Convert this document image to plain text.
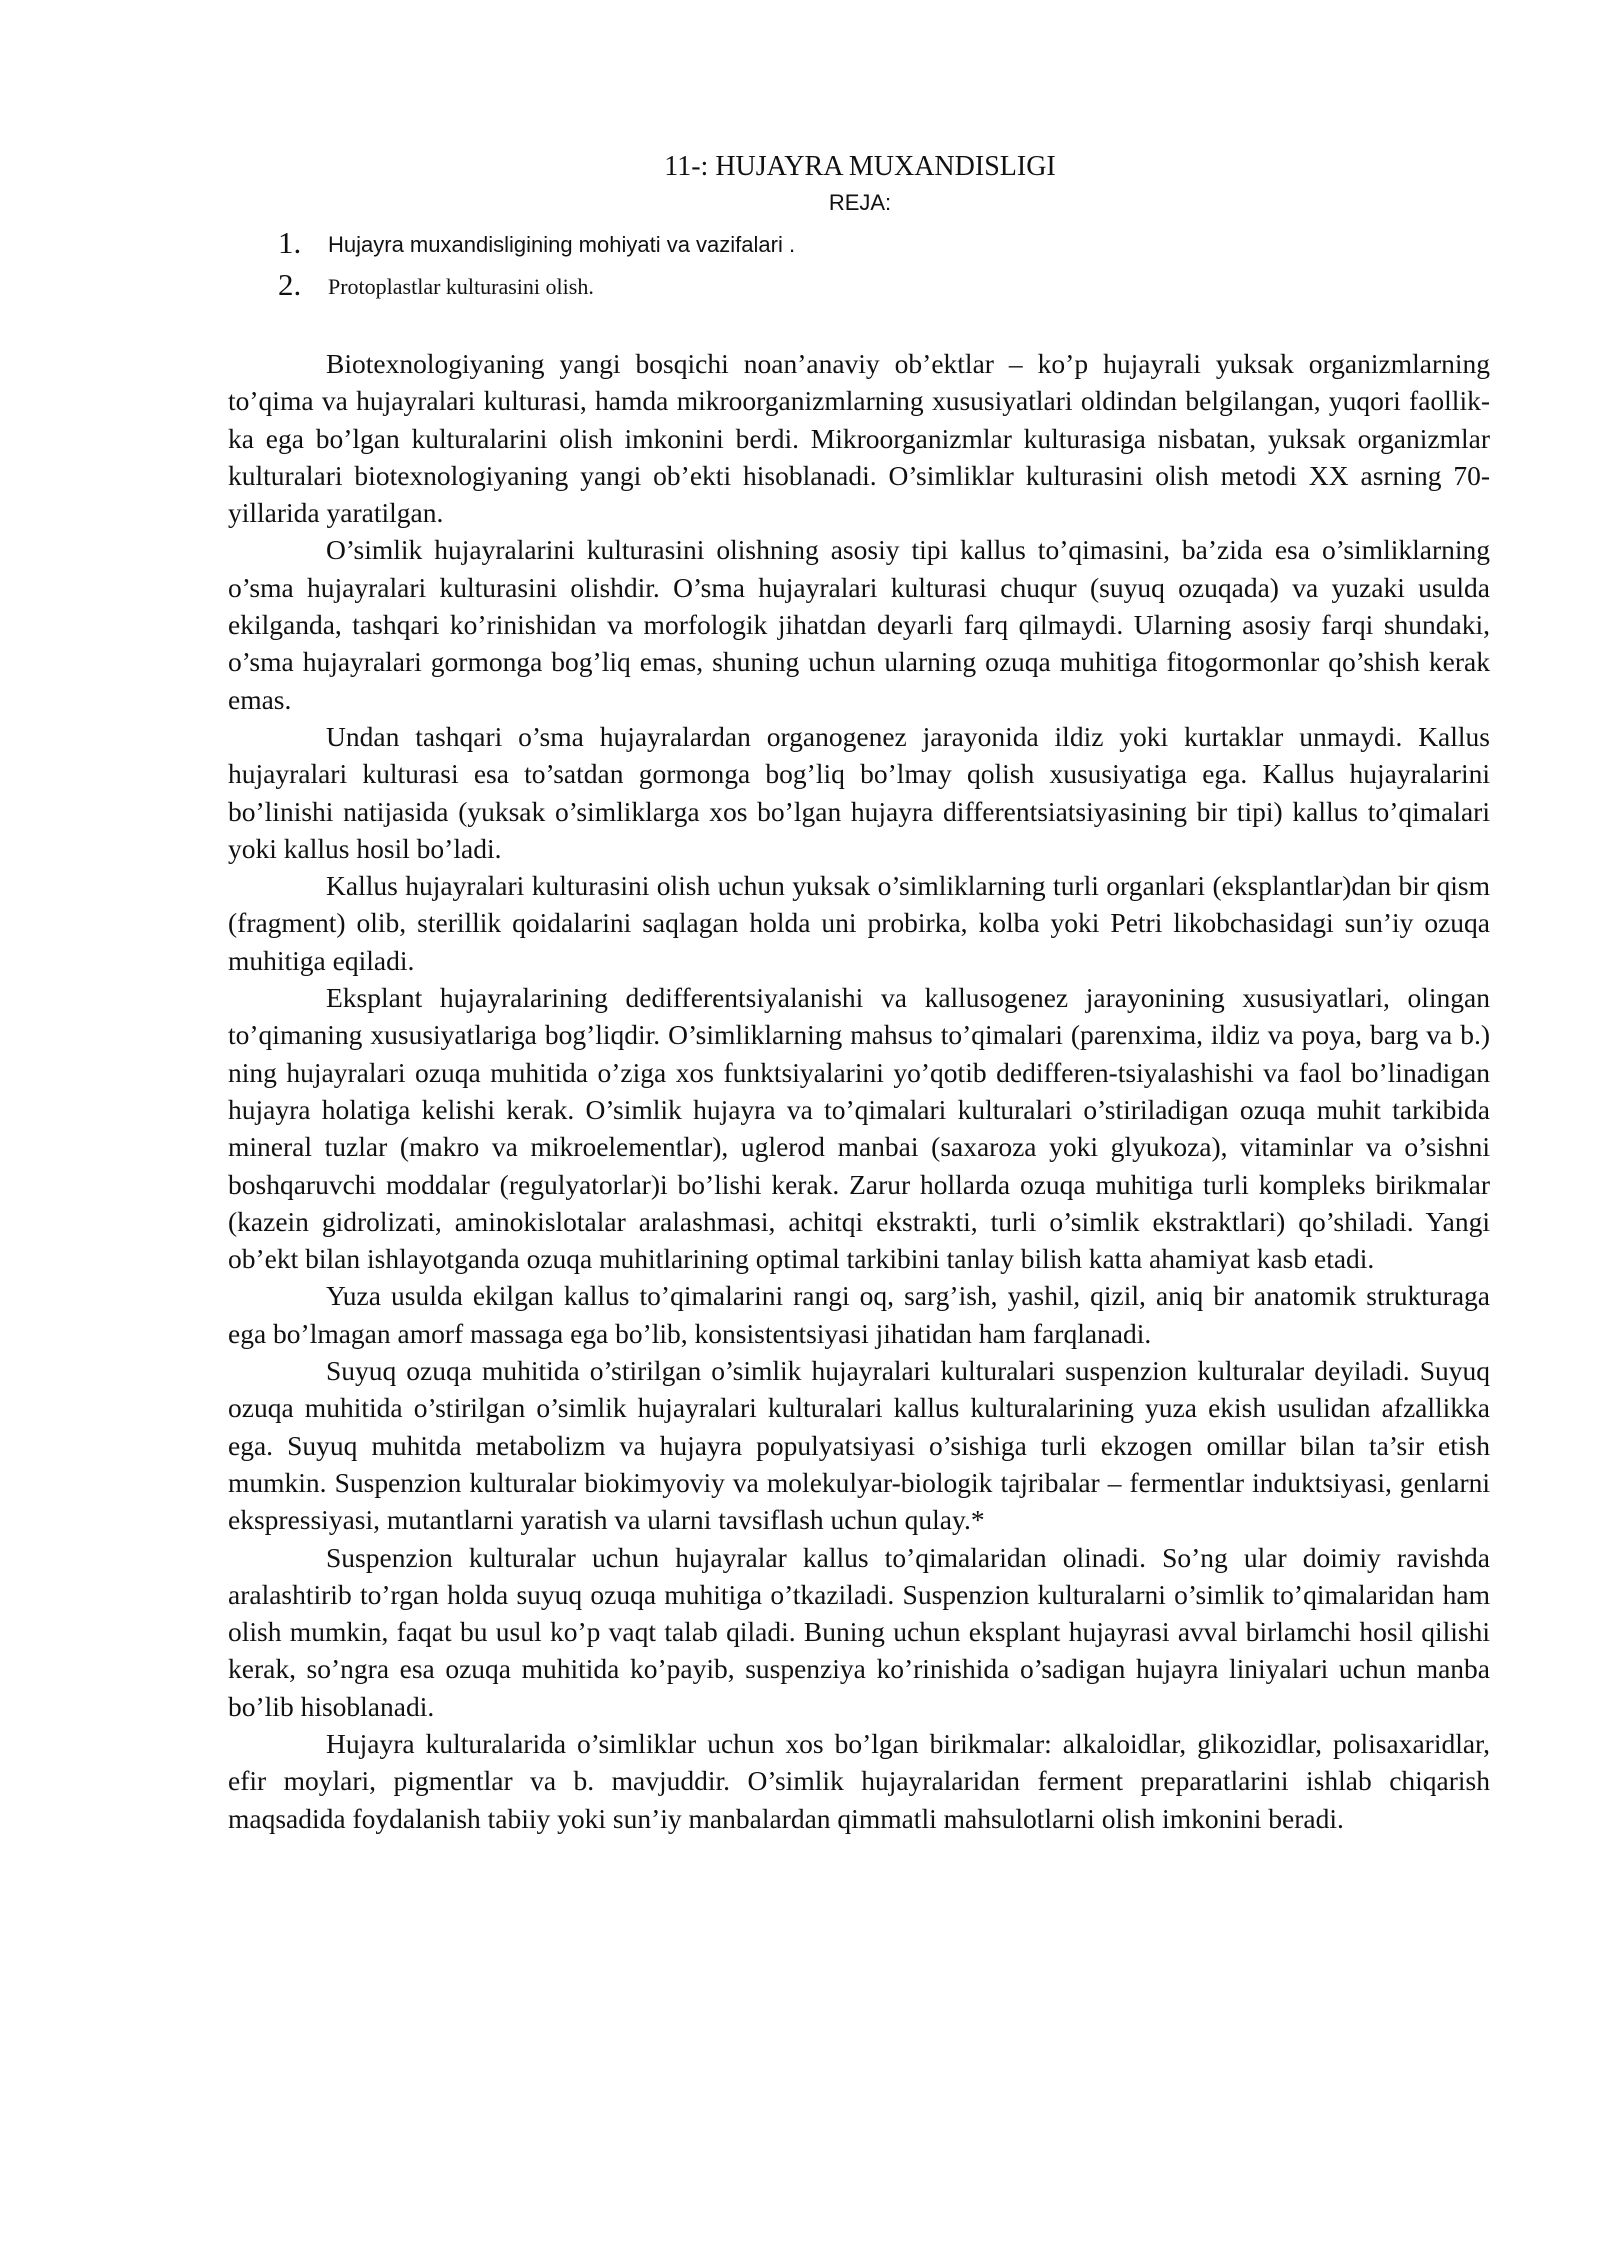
11-: HUJAYRA MUXANDISLIGI
REJA:
1. Hujayra muxandisligining mohiyati va vazifalari .
2. Protoplastlar kulturasini olish.

Biotexnologiyaning yangi bosqichi noan’anaviy ob’ektlar – ko’p hujayrali yuksak organizmlarning to’qima va hujayralari kulturasi, hamda mikroorganizmlarning xususiyatlari oldindan belgilangan, yuqori faollik-ka ega bo’lgan kulturalarini olish imkonini berdi. Mikroorganizmlar kulturasiga nisbatan, yuksak organizmlar kulturalari biotexnologiyaning yangi ob’ekti hisoblanadi. O’simliklar kulturasini olish metodi XX asrning 70-yillarida yaratilgan.

O’simlik hujayralarini kulturasini olishning asosiy tipi kallus to’qimasini, ba’zida esa o’simliklarning o’sma hujayralari kulturasini olishdir. O’sma hujayralari kulturasi chuqur (suyuq ozuqada) va yuzaki usulda ekilganda, tashqari ko’rinishidan va morfologik jihatdan deyarli farq qilmaydi. Ularning asosiy farqi shundaki, o’sma hujayralari gormonga bog’liq emas, shuning uchun ularning ozuqa muhitiga fitogormonlar qo’shish kerak emas.

Undan tashqari o’sma hujayralardan organogenez jarayonida ildiz yoki kurtaklar unmaydi. Kallus hujayralari kulturasi esa to’satdan gormonga bog’liq bo’lmay qolish xususiyatiga ega. Kallus hujayralarini bo’linishi natijasida (yuksak o’simliklarga xos bo’lgan hujayra differentsiatsiyasining bir tipi) kallus to’qimalari yoki kallus hosil bo’ladi.

Kallus hujayralari kulturasini olish uchun yuksak o’simliklarning turli organlari (eksplantlar)dan bir qism (fragment) olib, sterillik qoidalarini saqlagan holda uni probirka, kolba yoki Petri likobchasidagi sun’iy ozuqa muhitiga eqiladi.

Eksplant hujayralarining dedifferentsiyalanishi va kallusogenez jarayonining xususiyatlari, olingan to’qimaning xususiyatlariga bog’liqdir. O’simliklarning mahsus to’qimalari (parenxima, ildiz va poya, barg va b.) ning hujayralari ozuqa muhitida o’ziga xos funktsiyalarini yo’qotib dedifferen-tsiyalashishi va faol bo’linadigan hujayra holatiga kelishi kerak. O’simlik hujayra va to’qimalari kulturalari o’stiriladigan ozuqa muhit tarkibida mineral tuzlar (makro va mikroelementlar), uglerod manbai (saxaroza yoki glyukoza), vitaminlar va o’sishni boshqaruvchi moddalar (regulyatorlar)i bo’lishi kerak. Zarur hollarda ozuqa muhitiga turli kompleks birikmalar (kazein gidrolizati, aminokislotalar aralashmasi, achitqi ekstrakti, turli o’simlik ekstraktlari) qo’shiladi. Yangi ob’ekt bilan ishlayotganda ozuqa muhitlarining optimal tarkibini tanlay bilish katta ahamiyat kasb etadi.

Yuza usulda ekilgan kallus to’qimalarini rangi oq, sarg’ish, yashil, qizil, aniq bir anatomik strukturaga ega bo’lmagan amorf massaga ega bo’lib, konsistentsiyasi jihatidan ham farqlanadi.

Suyuq ozuqa muhitida o’stirilgan o’simlik hujayralari kulturalari suspenzion kulturalar deyiladi. Suyuq ozuqa muhitida o’stirilgan o’simlik hujayralari kulturalari kallus kulturalarining yuza ekish usulidan afzallikka ega. Suyuq muhitda metabolizm va hujayra populyatsiyasi o’sishiga turli ekzogen omillar bilan ta’sir etish mumkin. Suspenzion kulturalar biokimyoviy va molekulyar-biologik tajribalar – fermentlar induktsiyasi, genlarni ekspressiyasi, mutantlarni yaratish va ularni tavsiflash uchun qulay.*

Suspenzion kulturalar uchun hujayralar kallus to’qimalaridan olinadi. So’ng ular doimiy ravishda aralashtirib to’rgan holda suyuq ozuqa muhitiga o’tkaziladi. Suspenzion kulturalarni o’simlik to’qimalaridan ham olish mumkin, faqat bu usul ko’p vaqt talab qiladi. Buning uchun eksplant hujayrasi avval birlamchi hosil qilishi kerak, so’ngra esa ozuqa muhitida ko’payib, suspenziya ko’rinishida o’sadigan hujayra liniyalari uchun manba bo’lib hisoblanadi.

Hujayra kulturalarida o’simliklar uchun xos bo’lgan birikmalar: alkaloidlar, glikozidlar, polisaxaridlar, efir moylari, pigmentlar va b. mavjuddir. O’simlik hujayralaridan ferment preparatlarini ishlab chiqarish maqsadida foydalanish tabiiy yoki sun’iy manbalardan qimmatli mahsulotlarni olish imkonini beradi.
